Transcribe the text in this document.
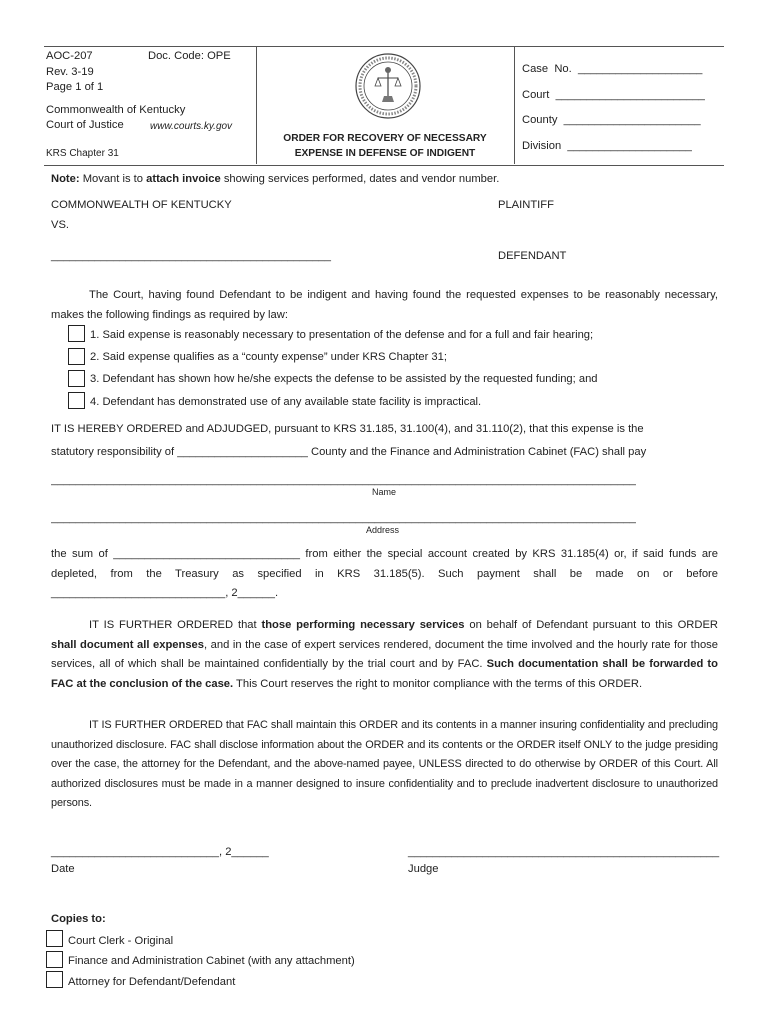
AOC-207	Doc. Code: OPE
Rev. 3-19
Page 1 of 1
Commonwealth of Kentucky
Court of Justice	www.courts.ky.gov
KRS Chapter 31
ORDER FOR RECOVERY OF NECESSARY
EXPENSE IN DEFENSE OF INDIGENT
Case  No.  ____________________
Court  ________________________
County  ______________________
Division  ____________________
Note: Movant is to attach invoice showing services performed, dates and vendor number.
COMMONWEALTH OF KENTUCKY	PLAINTIFF
VS.
_____________________________________________	DEFENDANT
The Court, having found Defendant to be indigent and having found the requested expenses to be reasonably necessary, makes the following findings as required by law:
1. Said expense is reasonably necessary to presentation of the defense and for a full and fair hearing;
2. Said expense qualifies as a “county expense” under KRS Chapter 31;
3. Defendant has shown how he/she expects the defense to be assisted by the requested funding; and
4. Defendant has demonstrated use of any available state facility is impractical.
IT IS HEREBY ORDERED and ADJUDGED, pursuant to KRS 31.185, 31.100(4), and 31.110(2), that this expense is the
statutory responsibility of _____________________ County and the Finance and Administration Cabinet (FAC) shall pay
______________________________________________________________________________________________
Name
______________________________________________________________________________________________
Address
the sum of ______________________________ from either the special account created by KRS 31.185(4) or, if said funds are depleted, from the Treasury as specified in KRS 31.185(5). Such payment shall be made on or before ____________________________, 2______.
IT IS FURTHER ORDERED that those performing necessary services on behalf of Defendant pursuant to this ORDER shall document all expenses, and in the case of expert services rendered, document the time involved and the hourly rate for those services, all of which shall be maintained confidentially by the trial court and by FAC. Such documentation shall be forwarded to FAC at the conclusion of the case. This Court reserves the right to monitor compliance with the terms of this ORDER.
IT IS FURTHER ORDERED that FAC shall maintain this ORDER and its contents in a manner insuring confidentiality and precluding unauthorized disclosure. FAC shall disclose information about the ORDER and its contents or the ORDER itself ONLY to the judge presiding over the case, the attorney for the Defendant, and the above-named payee, UNLESS directed to do otherwise by ORDER of this Court. All authorized disclosures must be made in a manner designed to insure confidentiality and to preclude inadvertent disclosure to unauthorized persons.
___________________________, 2______
Date
__________________________________________________
Judge
Copies to:
Court Clerk - Original
Finance and Administration Cabinet (with any attachment)
Attorney for Defendant/Defendant
